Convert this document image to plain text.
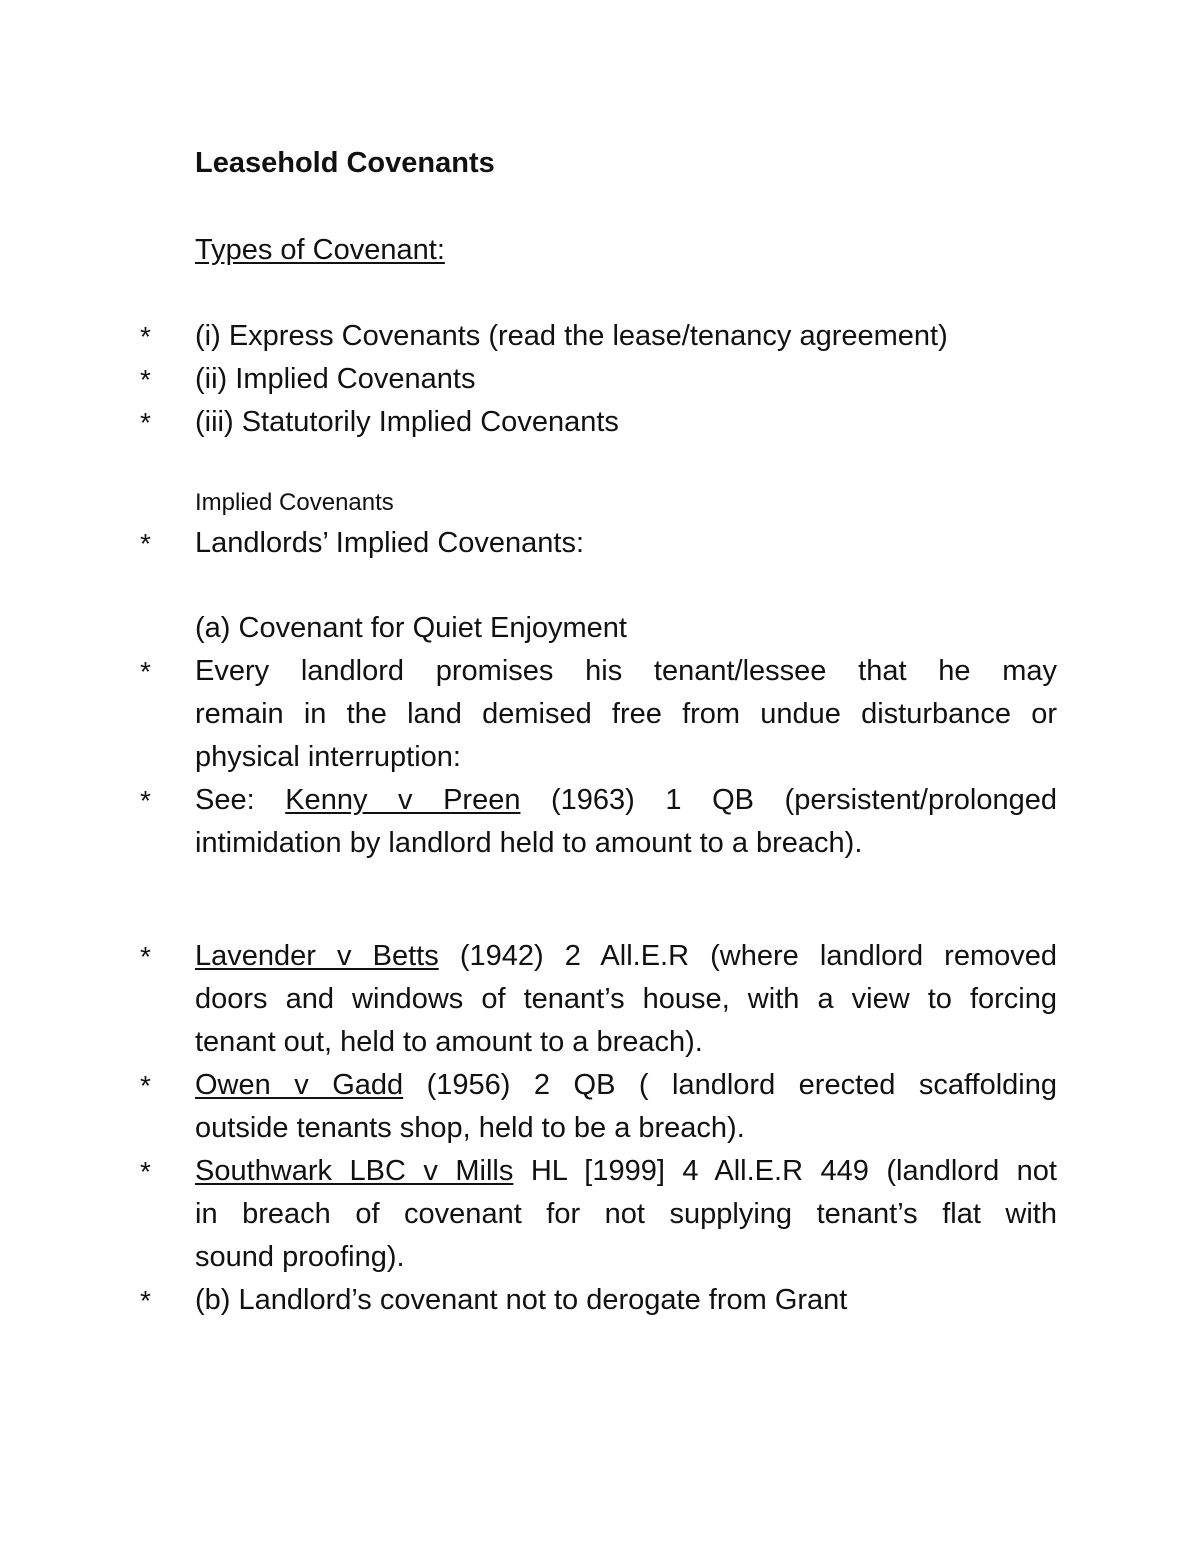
Leasehold Covenants
Types of Covenant:
* (i) Express Covenants (read the lease/tenancy agreement)
* (ii) Implied Covenants
* (iii) Statutorily Implied Covenants
Implied Covenants
* Landlords’ Implied Covenants:
(a) Covenant for Quiet Enjoyment
* Every landlord promises his tenant/lessee that he may
remain in the land demised free from undue disturbance or
physical interruption:
* See: Kenny v Preen (1963) 1 QB (persistent/prolonged
intimidation by landlord held to amount to a breach).
* Lavender v Betts (1942) 2 All.E.R (where landlord removed
doors and windows of tenant’s house, with a view to forcing
tenant out, held to amount to a breach).
* Owen v Gadd (1956) 2 QB ( landlord erected scaffolding
outside tenants shop, held to be a breach).
* Southwark LBC v Mills HL [1999] 4 All.E.R 449 (landlord not
in breach of covenant for not supplying tenant’s flat with
sound proofing).
* (b) Landlord’s covenant not to derogate from Grant
